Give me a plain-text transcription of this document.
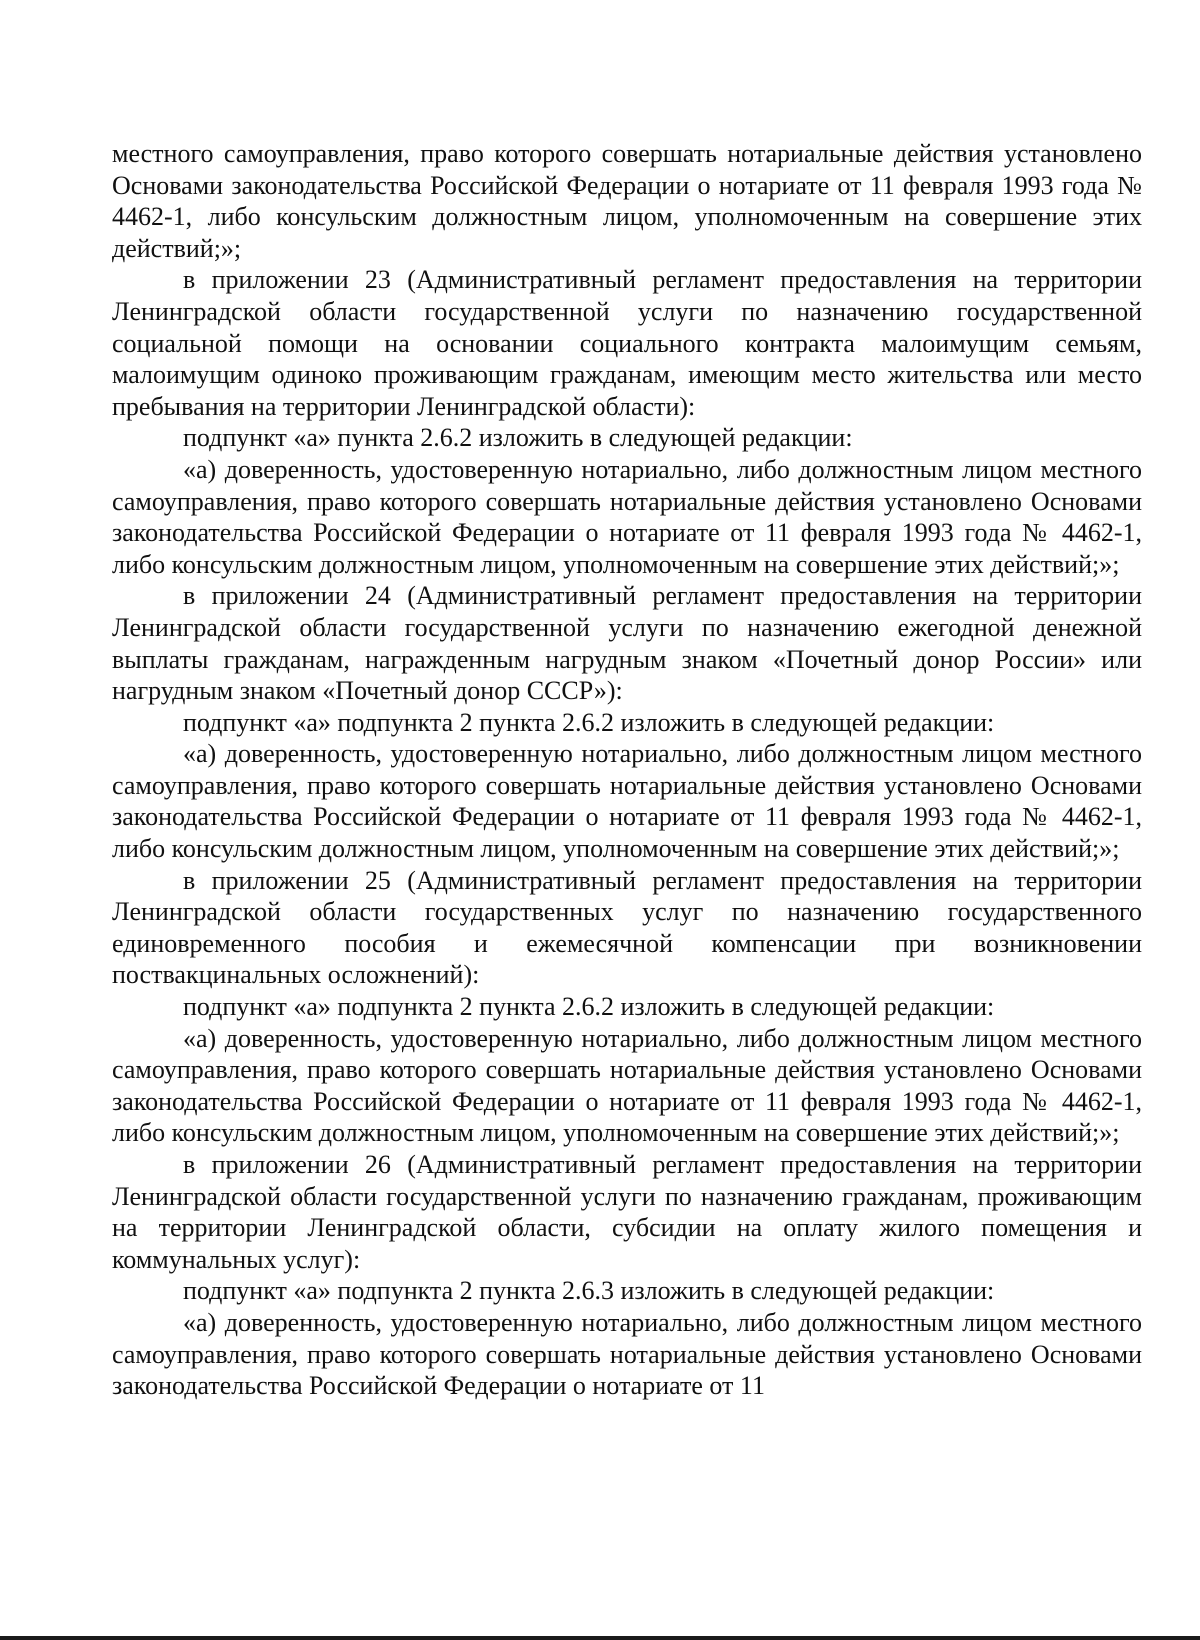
местного самоуправления, право которого совершать нотариальные действия установлено Основами законодательства Российской Федерации о нотариате от 11 февраля 1993 года № 4462-1, либо консульским должностным лицом, уполномоченным на совершение этих действий;»;

в приложении 23 (Административный регламент предоставления на территории Ленинградской области государственной услуги по назначению государственной социальной помощи на основании социального контракта малоимущим семьям, малоимущим одиноко проживающим гражданам, имеющим место жительства или место пребывания на территории Ленинградской области):

подпункт «а» пункта 2.6.2 изложить в следующей редакции:

«а) доверенность, удостоверенную нотариально, либо должностным лицом местного самоуправления, право которого совершать нотариальные действия установлено Основами законодательства Российской Федерации о нотариате от 11 февраля 1993 года № 4462-1, либо консульским должностным лицом, уполномоченным на совершение этих действий;»;

в приложении 24 (Административный регламент предоставления на территории Ленинградской области государственной услуги по назначению ежегодной денежной выплаты гражданам, награжденным нагрудным знаком «Почетный донор России» или нагрудным знаком «Почетный донор СССР»):

подпункт «а» подпункта 2 пункта 2.6.2 изложить в следующей редакции:

«а) доверенность, удостоверенную нотариально, либо должностным лицом местного самоуправления, право которого совершать нотариальные действия установлено Основами законодательства Российской Федерации о нотариате от 11 февраля 1993 года № 4462-1, либо консульским должностным лицом, уполномоченным на совершение этих действий;»;

в приложении 25 (Административный регламент предоставления на территории Ленинградской области государственных услуг по назначению государственного единовременного пособия и ежемесячной компенсации при возникновении поствакцинальных осложнений):

подпункт «а» подпункта 2 пункта 2.6.2 изложить в следующей редакции:

«а) доверенность, удостоверенную нотариально, либо должностным лицом местного самоуправления, право которого совершать нотариальные действия установлено Основами законодательства Российской Федерации о нотариате от 11 февраля 1993 года № 4462-1, либо консульским должностным лицом, уполномоченным на совершение этих действий;»;

в приложении 26 (Административный регламент предоставления на территории Ленинградской области государственной услуги по назначению гражданам, проживающим на территории Ленинградской области, субсидии на оплату жилого помещения и коммунальных услуг):

подпункт «а» подпункта 2 пункта 2.6.3 изложить в следующей редакции:

«а) доверенность, удостоверенную нотариально, либо должностным лицом местного самоуправления, право которого совершать нотариальные действия установлено Основами законодательства Российской Федерации о нотариате от 11
